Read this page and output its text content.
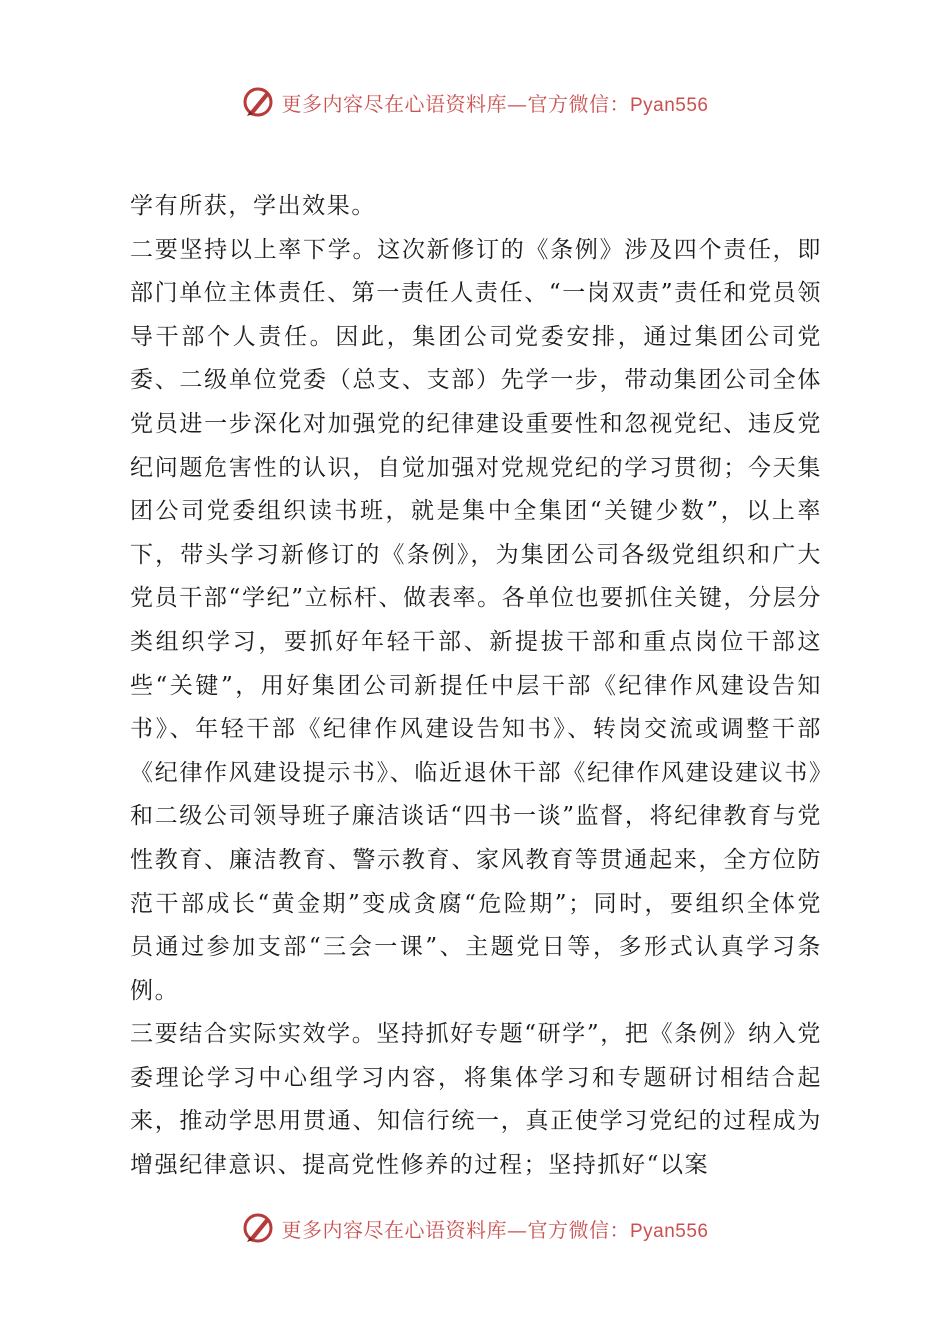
更多内容尽在心语资料库—官方微信：Pyan556

学有所获，学出效果。

二要坚持以上率下学。这次新修订的《条例》涉及四个责任，即部门单位主体责任、第一责任人责任、“一岗双责”责任和党员领导干部个人责任。因此，集团公司党委安排，通过集团公司党委、二级单位党委（总支、支部）先学一步，带动集团公司全体党员进一步深化对加强党的纪律建设重要性和忽视党纪、违反党纪问题危害性的认识，自觉加强对党规党纪的学习贯彻；今天集团公司党委组织读书班，就是集中全集团“关键少数”，以上率下，带头学习新修订的《条例》，为集团公司各级党组织和广大党员干部“学纪”立标杆、做表率。各单位也要抓住关键，分层分类组织学习，要抓好年轻干部、新提拔干部和重点岗位干部这些“关键”，用好集团公司新提任中层干部《纪律作风建设告知书》、年轻干部《纪律作风建设告知书》、转岗交流或调整干部《纪律作风建设提示书》、临近退休干部《纪律作风建设建议书》和二级公司领导班子廉洁谈话“四书一谈”监督，将纪律教育与党性教育、廉洁教育、警示教育、家风教育等贯通起来，全方位防范干部成长“黄金期”变成贪腐“危险期”；同时，要组织全体党员通过参加支部“三会一课”、主题党日等，多形式认真学习条例。

三要结合实际实效学。坚持抓好专题“研学”，把《条例》纳入党委理论学习中心组学习内容，将集体学习和专题研讨相结合起来，推动学思用贯通、知信行统一，真正使学习党纪的过程成为增强纪律意识、提高党性修养的过程；坚持抓好“以案

更多内容尽在心语资料库—官方微信：Pyan556
